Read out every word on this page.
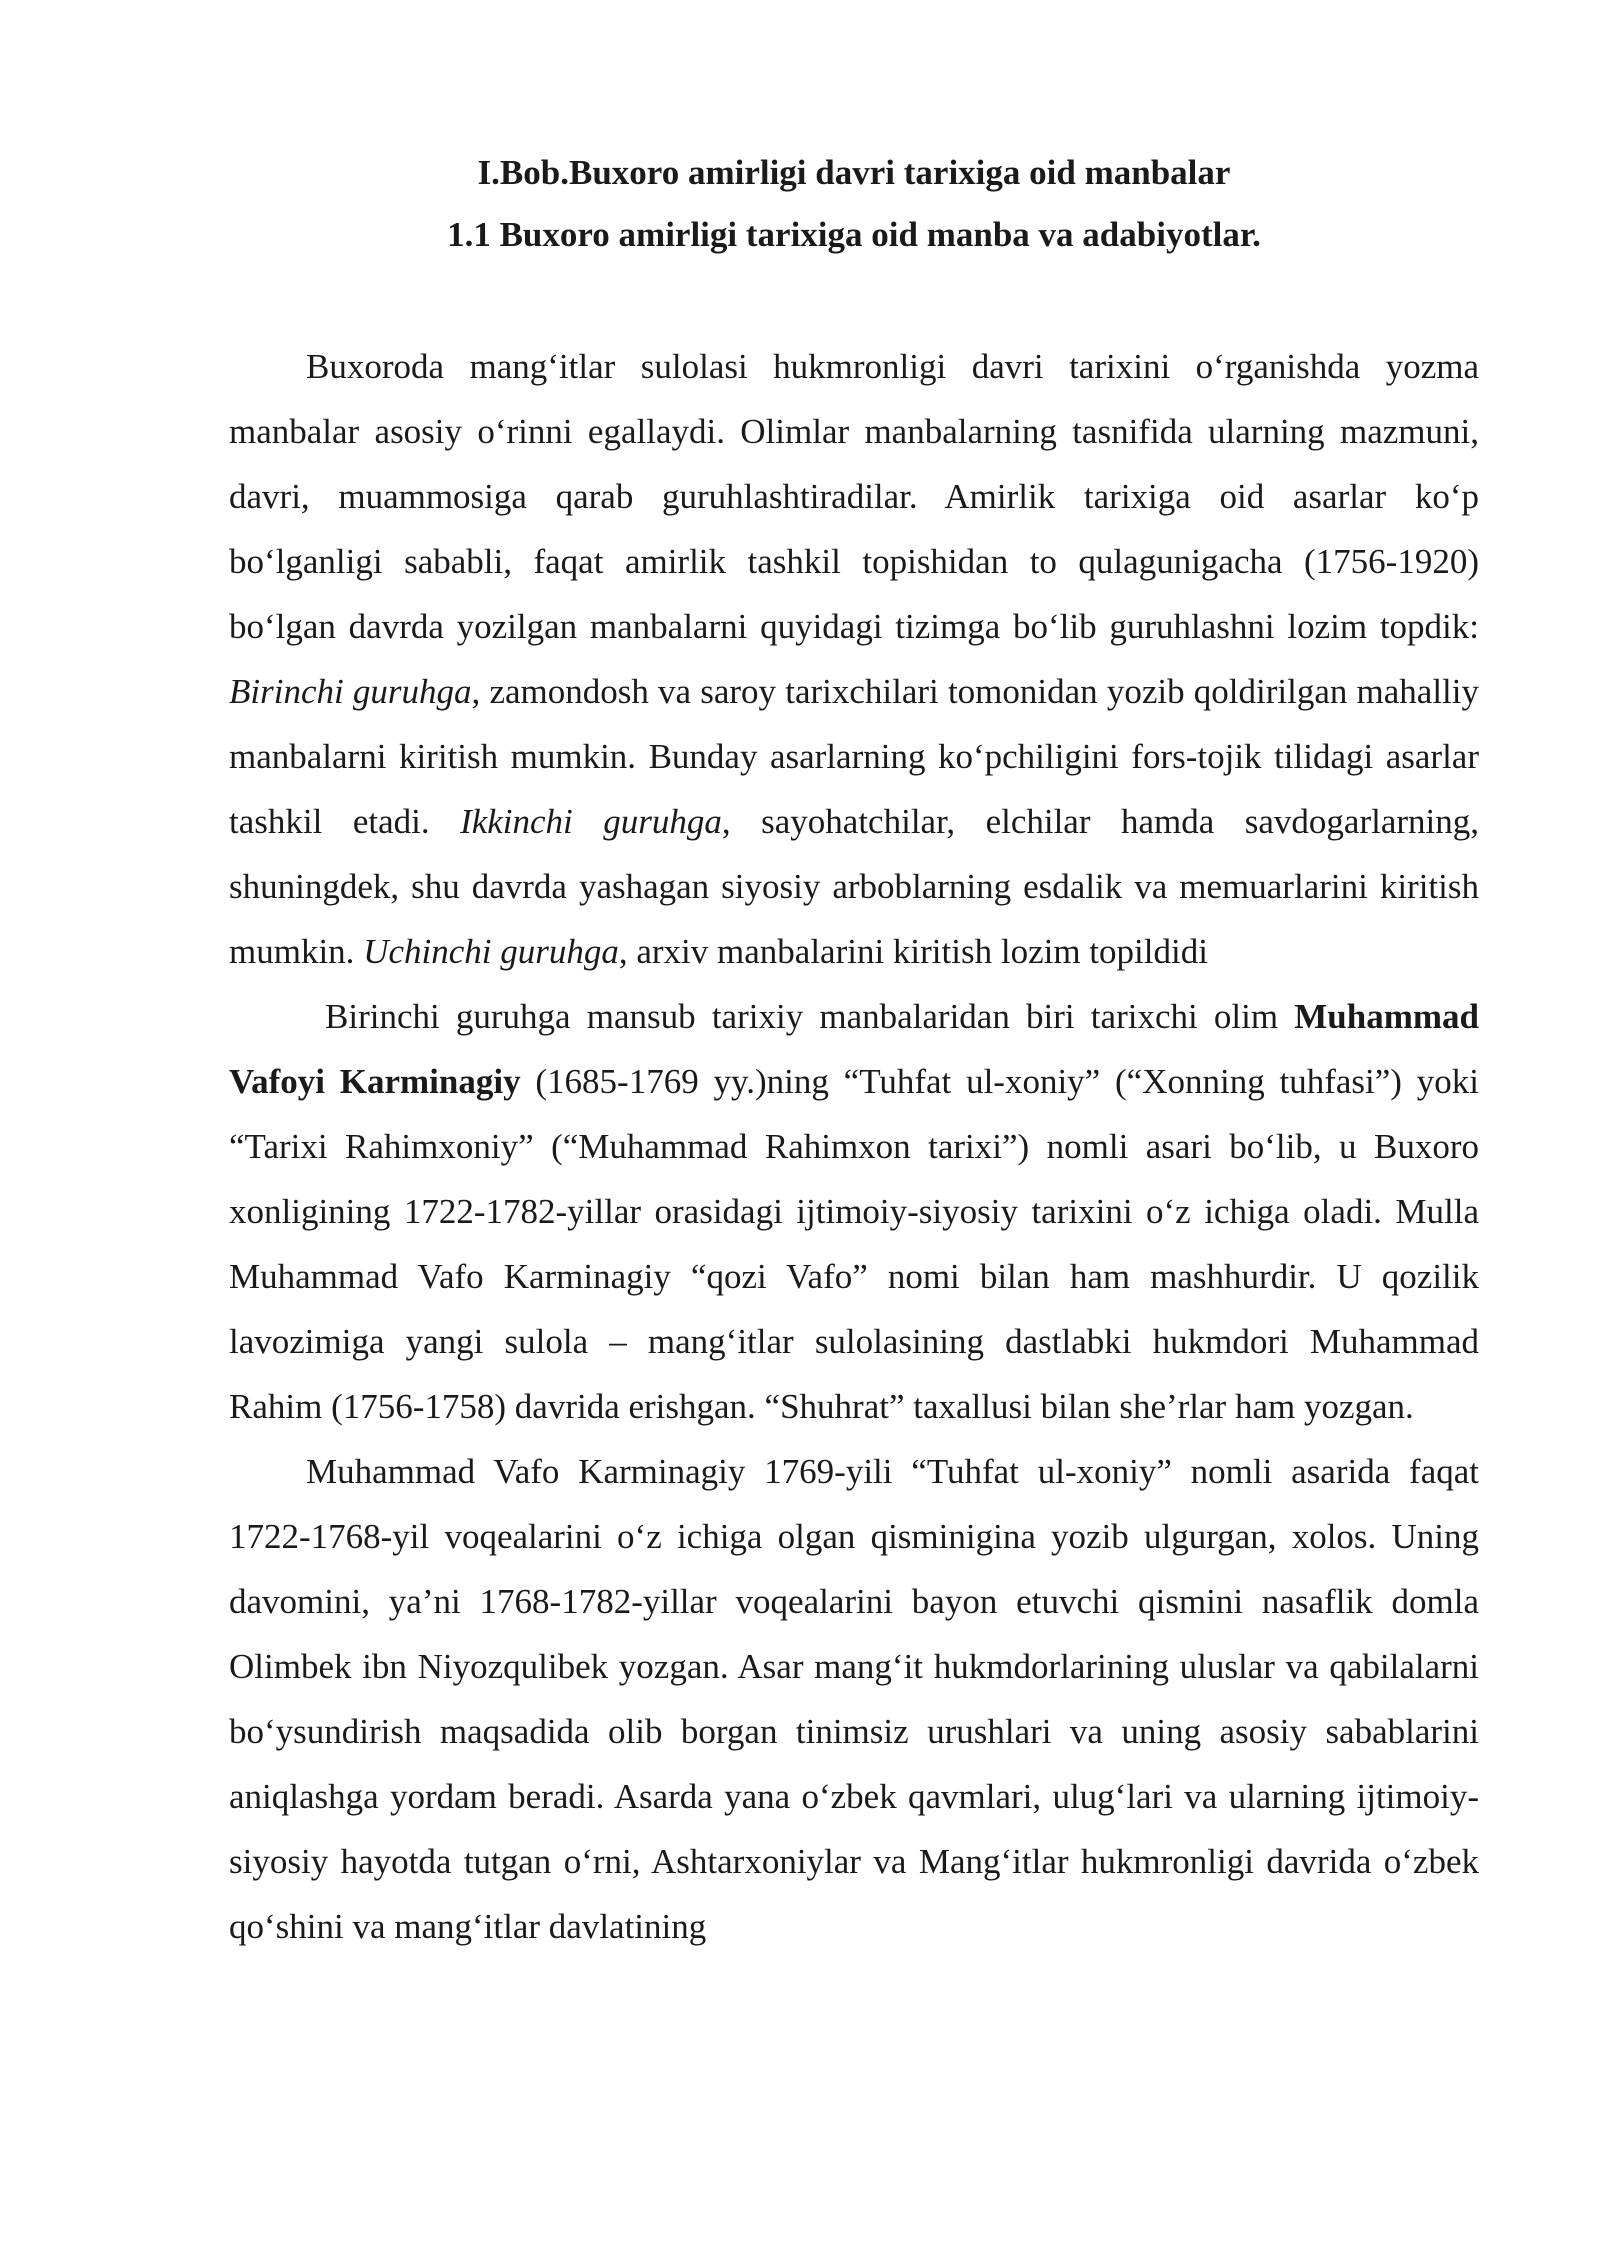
I.Bob.Buxoro amirligi davri tarixiga oid manbalar
1.1 Buxoro amirligi tarixiga oid manba va adabiyotlar.

Buxoroda mang‘itlar sulolasi hukmronligi davri tarixini o‘rganishda yozma manbalar asosiy o‘rinni egallaydi. Olimlar manbalarning tasnifida ularning mazmuni, davri, muammosiga qarab guruhlashtiradilar. Amirlik tarixiga oid asarlar ko‘p bo‘lganligi sababli, faqat amirlik tashkil topishidan to qulagunigacha (1756-1920) bo‘lgan davrda yozilgan manbalarni quyidagi tizimga bo‘lib guruhlashni lozim topdik: Birinchi guruhga, zamondosh va saroy tarixchilari tomonidan yozib qoldirilgan mahalliy manbalarni kiritish mumkin. Bunday asarlarning ko‘pchiligini fors-tojik tilidagi asarlar tashkil etadi. Ikkinchi guruhga, sayohatchilar, elchilar hamda savdogarlarning, shuningdek, shu davrda yashagan siyosiy arboblarning esdalik va memuarlarini kiritish mumkin. Uchinchi guruhga, arxiv manbalarini kiritish lozim topildidi

Birinchi guruhga mansub tarixiy manbalaridan biri tarixchi olim Muhammad Vafoyi Karminagiy (1685-1769 yy.)ning “Tuhfat ul-xoniy” (“Xonning tuhfasi”) yoki “Tarixi Rahimxoniy” (“Muhammad Rahimxon tarixi”) nomli asari bo‘lib, u Buxoro xonligining 1722-1782-yillar orasidagi ijtimoiy-siyosiy tarixini o‘z ichiga oladi. Mulla Muhammad Vafo Karminagiy “qozi Vafo” nomi bilan ham mashhurdir. U qozilik lavozimiga yangi sulola – mang‘itlar sulolasining dastlabki hukmdori Muhammad Rahim (1756-1758) davrida erishgan. “Shuhrat” taxallusi bilan she’rlar ham yozgan.

Muhammad Vafo Karminagiy 1769-yili “Tuhfat ul-xoniy” nomli asarida faqat 1722-1768-yil voqealarini o‘z ichiga olgan qisminigina yozib ulgurgan, xolos. Uning davomini, ya’ni 1768-1782-yillar voqealarini bayon etuvchi qismini nasaflik domla Olimbek ibn Niyozqulibek yozgan. Asar mang‘it hukmdorlarining uluslar va qabilalarni bo‘ysundirish maqsadida olib borgan tinimsiz urushlari va uning asosiy sabablarini aniqlashga yordam beradi. Asarda yana o‘zbek qavmlari, ulug‘lari va ularning ijtimoiy-siyosiy hayotda tutgan o‘rni, Ashtarxoniylar va Mang‘itlar hukmronligi davrida o‘zbek qo‘shini va mang‘itlar davlatining
